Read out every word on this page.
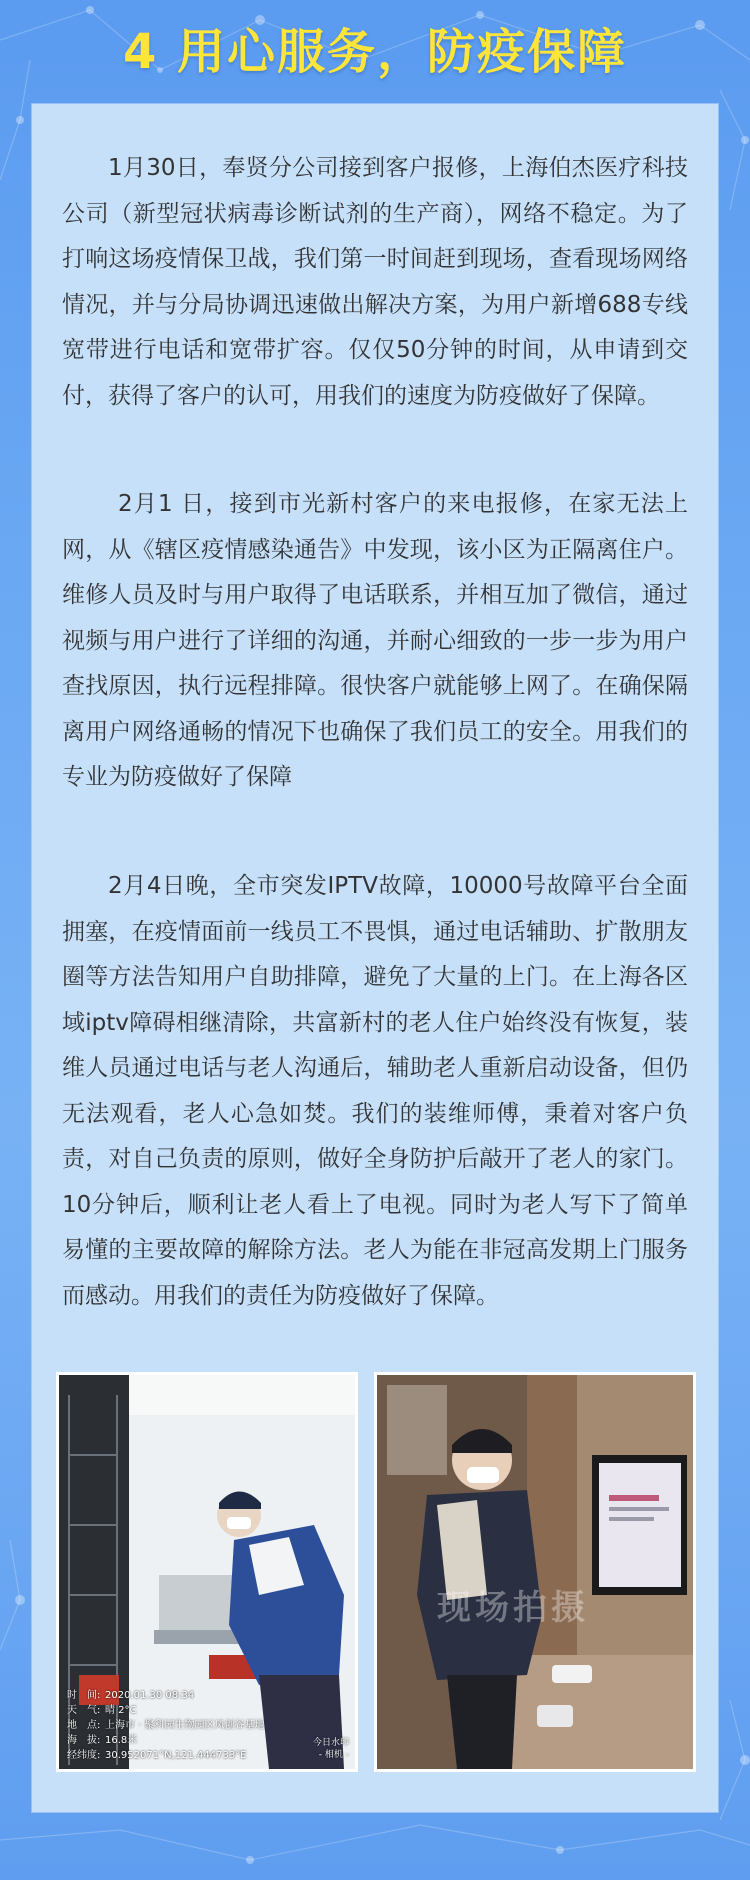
4 用心服务，防疫保障

1月30日，奉贤分公司接到客户报修，上海伯杰医疗科技公司（新型冠状病毒诊断试剂的生产商），网络不稳定。为了打响这场疫情保卫战，我们第一时间赶到现场，查看现场网络情况，并与分局协调迅速做出解决方案，为用户新增688专线宽带进行电话和宽带扩容。仅仅50分钟的时间，从申请到交付，获得了客户的认可，用我们的速度为防疫做好了保障。

2月1 日，接到市光新村客户的来电报修，在家无法上网，从《辖区疫情感染通告》中发现，该小区为正隔离住户。维修人员及时与用户取得了电话联系，并相互加了微信，通过视频与用户进行了详细的沟通，并耐心细致的一步一步为用户查找原因，执行远程排障。很快客户就能够上网了。在确保隔离用户网络通畅的情况下也确保了我们员工的安全。用我们的专业为防疫做好了保障

2月4日晚，全市突发IPTV故障，10000号故障平台全面拥塞，在疫情面前一线员工不畏惧，通过电话辅助、扩散朋友圈等方法告知用户自助排障，避免了大量的上门。在上海各区域iptv障碍相继清除，共富新村的老人住户始终没有恢复，装维人员通过电话与老人沟通后，辅助老人重新启动设备，但仍无法观看，老人心急如焚。我们的装维师傅，秉着对客户负责，对自己负责的原则，做好全身防护后敲开了老人的家门。10分钟后，顺利让老人看上了电视。同时为老人写下了简单易懂的主要故障的解除方法。老人为能在非冠高发期上门服务而感动。用我们的责任为防疫做好了保障。

时　间: 2020.01.30 08:34
天　气: 晴 2°C
地　点: 上海市 · 聚科园生物园区凤创谷基地
海　拔: 16.8米
经纬度: 30.952071°N,121.444733°E
今日水印
- 相机 -
现场拍摄
